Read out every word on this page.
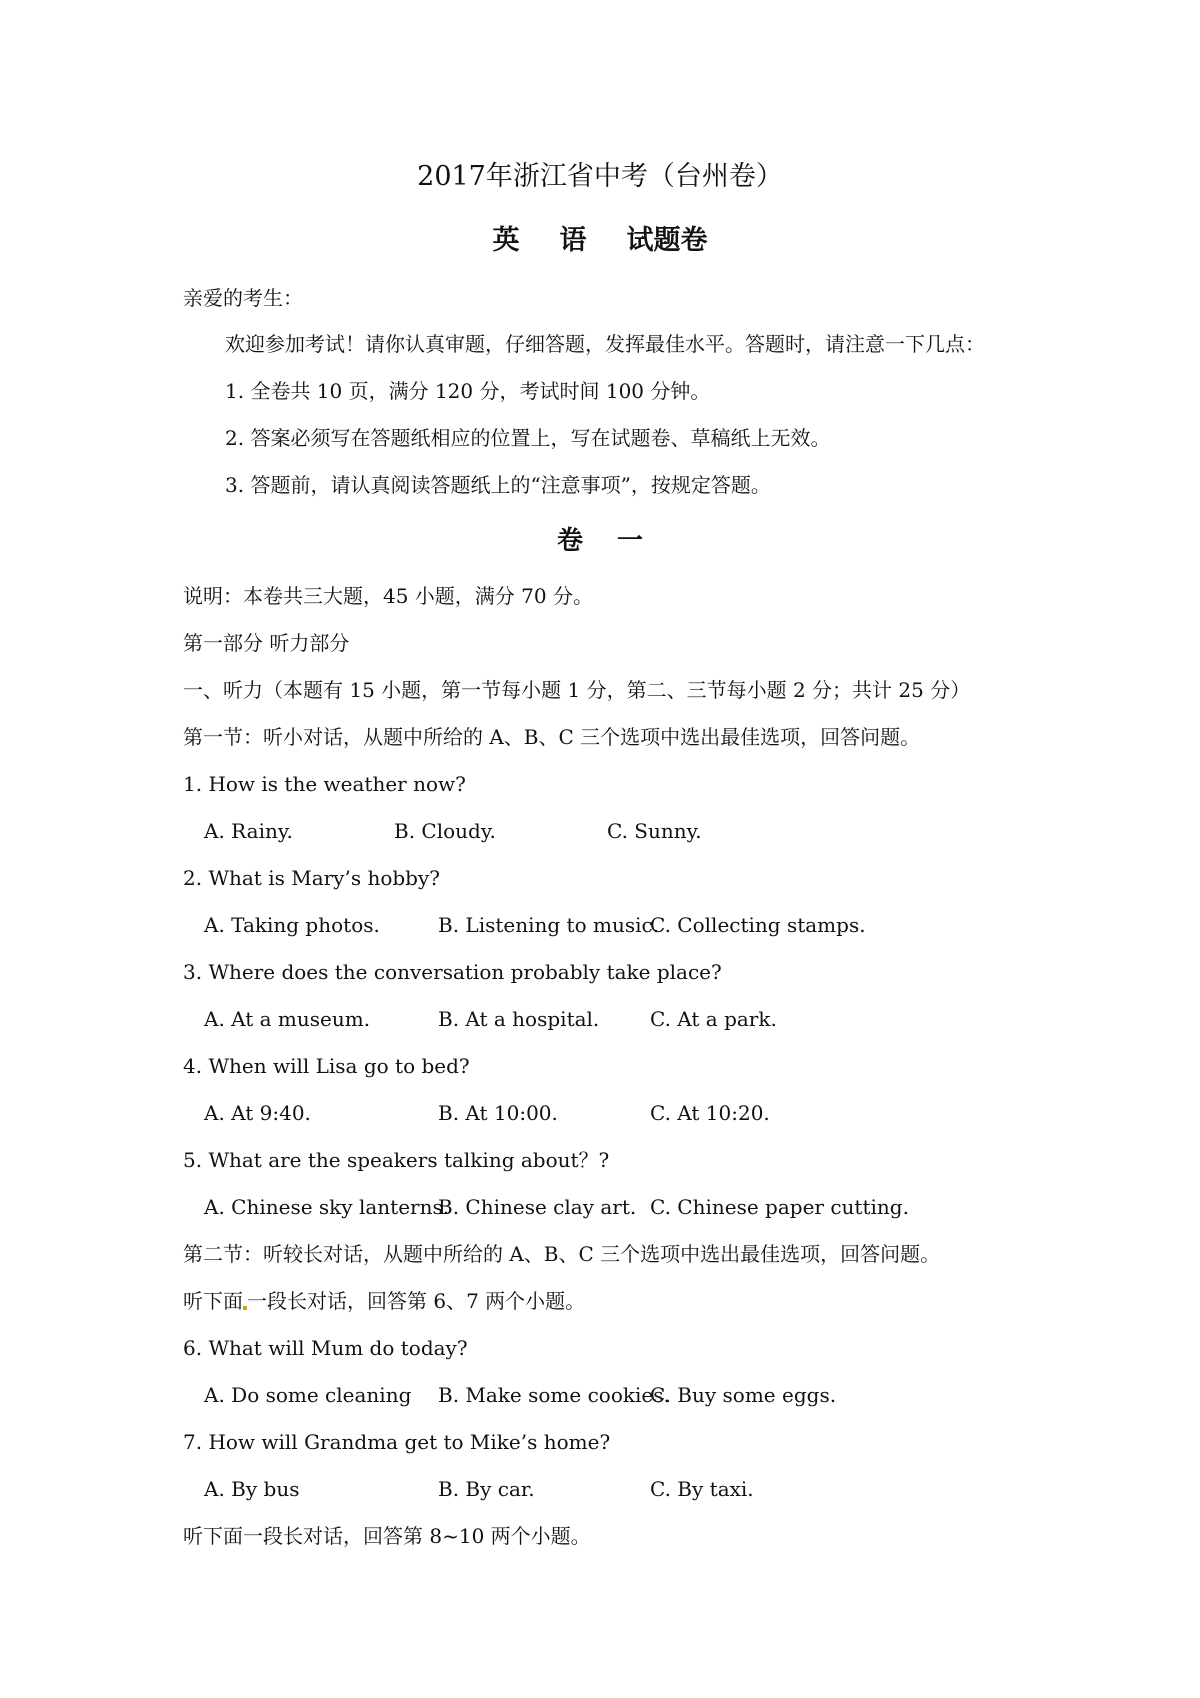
2017年浙江省中考（台州卷）
英 语 试题卷
亲爱的考生：
欢迎参加考试！请你认真审题，仔细答题，发挥最佳水平。答题时，请注意一下几点：
1. 全卷共 10 页，满分 120 分，考试时间 100 分钟。
2. 答案必须写在答题纸相应的位置上，写在试题卷、草稿纸上无效。
3. 答题前，请认真阅读答题纸上的“注意事项”，按规定答题。
卷 一
说明：本卷共三大题，45 小题，满分 70 分。
第一部分 听力部分
一、听力（本题有 15 小题，第一节每小题 1 分，第二、三节每小题 2 分；共计 25 分）
第一节：听小对话，从题中所给的 A、B、C 三个选项中选出最佳选项，回答问题。
1. How is the weather now?
A. Rainy.	B. Cloudy.	C. Sunny.
2. What is Mary’s hobby?
A. Taking photos.	B. Listening to music.
C. Collecting stamps.
3. Where does the conversation probably take place?
A. At a museum.	B. At a hospital.	C. At a park.
4. When will Lisa go to bed?
A. At 9:40.	B. At 10:00.	C. At 10:20.
5. What are the speakers talking about？?
A. Chinese sky lanterns.
B. Chinese clay art. C. Chinese paper cutting.
第二节：听较长对话，从题中所给的 A、B、C 三个选项中选出最佳选项，回答问题。
听下面 一段长对话，回答第 6、7 两个小题。
6. What will Mum do today?
A. Do some cleaning B. Make some cookies.
C. Buy some eggs.
7. How will Grandma get to Mike’s home?
A. By bus	B. By car.	C. By taxi.
听下面一段长对话，回答第 8~10 两个小题。
